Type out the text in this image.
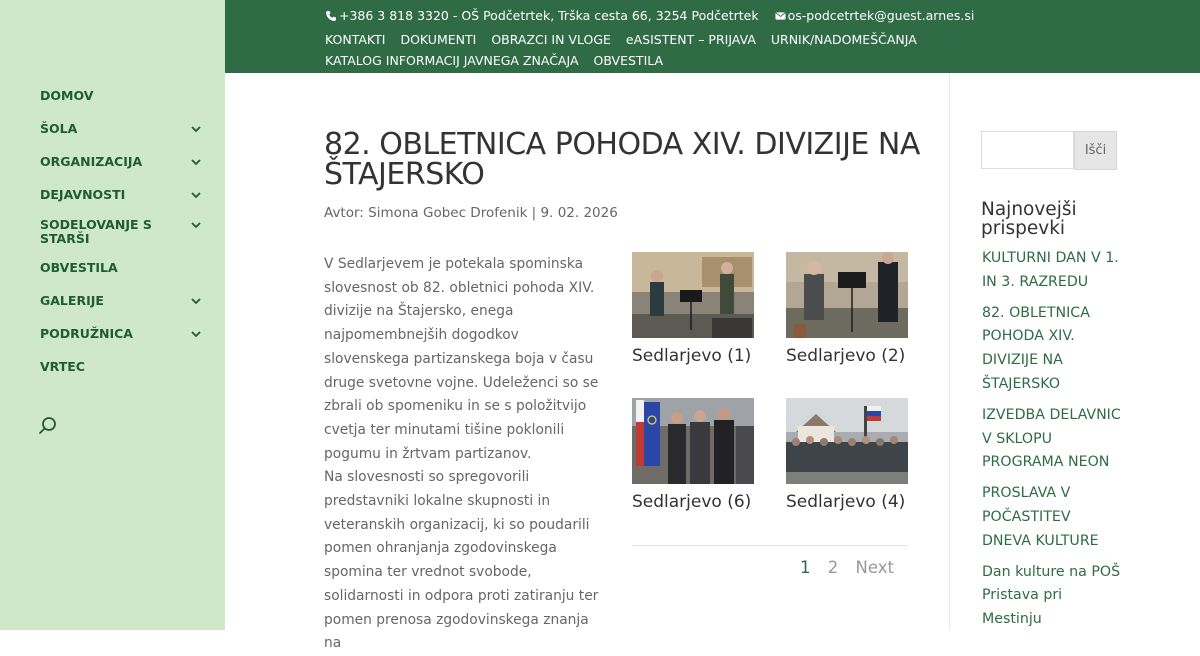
DOMOV
ŠOLA
ORGANIZACIJA
DEJAVNOSTI
SODELOVANJE S STARŠI
OBVESTILA
GALERIJE
PODRUŽNICA
VRTEC
+386 3 818 3320 - OŠ Podčetrtek, Trška cesta 66, 3254 Podčetrtek os-podcetrtek@guest.arnes.si
KONTAKTI DOKUMENTI OBRAZCI IN VLOGE eASISTENT – PRIJAVA URNIK/NADOMEŠČANJA
KATALOG INFORMACIJ JAVNEGA ZNAČAJA OBVESTILA
82. OBLETNICA POHODA XIV. DIVIZIJE NA ŠTAJERSKO
Avtor: Simona Gobec Drofenik | 9. 02. 2026

V Sedlarjevem je potekala spominska slovesnost ob 82. obletnici pohoda XIV. divizije na Štajersko, enega najpomembnejših dogodkov slovenskega partizanskega boja v času druge svetovne vojne. Udeleženci so se zbrali ob spomeniku in se s položitvijo cvetja ter minutami tišine poklonili pogumu in žrtvam partizanov.

Na slovesnosti so spregovorili predstavniki lokalne skupnosti in veteranskih organizacij, ki so poudarili pomen ohranjanja zgodovinskega spomina ter vrednot svobode, solidarnosti in odpora proti zatiranju ter pomen prenosa zgodovinskega znanja na

Sedlarjevo (1) Sedlarjevo (2)
Sedlarjevo (6) Sedlarjevo (4)
1 2 Next
Išči
Najnovejši prispevki
KULTURNI DAN V 1. IN 3. RAZREDU
82. OBLETNICA POHODA XIV. DIVIZIJE NA ŠTAJERSKO
IZVEDBA DELAVNIC V SKLOPU PROGRAMA NEON
PROSLAVA V POČASTITEV DNEVA KULTURE
Dan kulture na POŠ Pristava pri Mestinju
